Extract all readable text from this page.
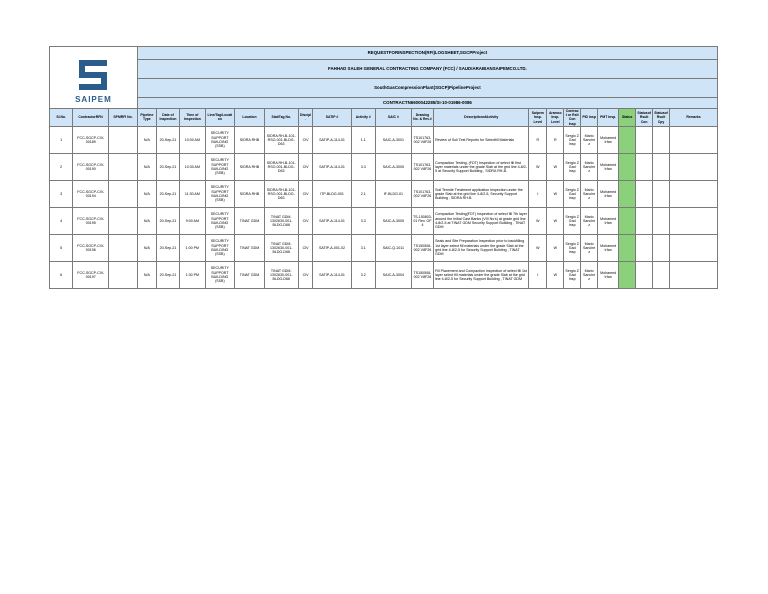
SAIPEM			REQUESTFORINSPECTION(RFI)LOGSHEET,SGCPProject																				
			FAHHAD SALEH GENERAL CONTRACTING COMPANY (FCC) / SAUDIARABIANSAIPEMCO.LTD.																				
			SouthGasCompressionPlant(SGCP)PipelineProject																				
			CONTRACTN6600042285/SI-10-01986-0086																				
Sl.No.	ContractorRFI#	SPMRFI No.	Pipeline Type	Date of Inspection	Time of Inspection	Line/Tag/Location	Location	Stat/Tag No.	Discipl.	SATIP #	Activity #	SAIC #	Drawing No. & Rev.#	DescriptionofActivity	Saipem Insp. Level	Aramco Insp. Level	Contract or Rslt Con Insp	PID Insp	PMT Insp.	Status	Statusof Rsult Con	Statusof Rsult Cpy	Remarks
1	FCC-SGCP-CIV-00189		N/A	20-Sep-21	10:00 AM	SECURITY SUPPORT BUILDING (SSB)	SIDRA RHB	SIDRA RH-B-101-RSO-001-BLDG-D63	CIV	SATIP-A-114-01	1.1	SAIC-A-3001	TS101763-002 V8F26	Review of Soil Test Reports for Selectfill Materials	R	R	Sergio Z Gad Insp	Mario Sanchez	Mohamed Irfan				
2	FCC-SGCP-CIV-00190		N/A	20-Sep-21	10:30 AM	SECURITY SUPPORT BUILDING (SSB)	SIDRA RHB	SIDRA RH-B-101-RSO-001-BLDG-D63	CIV	SATIP-A-114-01	3.3	SAIC-A-3005	TS101763-002 V8F26	Compaction Testing, (FDT) Inspection of select fill first layer materials under the grade Slab at the grid line 4-8/2-5 at Security Support Building , SIDRA RH-B.	W	W	Sergio Z Gad Insp	Mario Sanchez	Mohamed Irfan				
3	FCC-SGCP-CIV-00194		N/A	20-Sep-21	11:30 AM	SECURITY SUPPORT BUILDING (SSB)	SIDRA RHB	SIDRA RH-B-101-RSO-001-BLDG-D63	CIV	ITP-BLDG-001	2.1	IF-BLDG-01	TS101763-002 V8F26	Soil Termite Treatment application Inspection under the grade Slab at the grid line 4-8/2-5, Security Support Building , SIDRA RH-B.	I	W	Sergio Z Gad Insp	Mario Sanchez	Mohamed Irfan				
4	FCC-SGCP-CIV-00195		N/A	20-Sep-21	9:00 AM	SECURITY SUPPORT BUILDING (SSB)	TINAT GDM	TINAT GDM-1302630-001-BLDG-D66	CIV	SATIP-A-114-01	3.3	SAIC-A-3005	TS-150803-01 Rev. OF 4	Compaction Testing(FDT) Inspection of select fill 7th layer around the Initial Cast Banks (VIII No's) at grade grid line 4-8/2-5 at TINAT GDM Security Support Building , TINAT GDM	W	W	Sergio Z Gad Insp	Mario Sanchez	Mohamed Irfan				
5	FCC-SGCP-CIV-00196		N/A	20-Sep-21	1:00 PM	SECURITY SUPPORT BUILDING (SSB)	TINAT GDM	TINAT GDM-1302630-001-BLDG-D66	CIV	SATIP-A-001-02	3.1	SAIC-Q-1011	TS150508-002 V8F26	Seals and Site Preparation Inspection prior to backfilling 1st layer select fill materials under the grade Slab at the grid line 4-8/2-5 for Security Support Building , TINAT GDM	W	W	Sergio Z Gad Insp	Mario Sanchez	Mohamed Irfan				
6	FCC-SGCP-CIV-00197		N/A	20-Sep-21	1:30 PM	SECURITY SUPPORT BUILDING (SSB)	TINAT GDM	TINAT GDM-1302630-001-BLDG-D66	CIV	SATIP-A-114-01	3.2	SAIC-A-3004	TS150508-002 V8F26	Fill Placement and Compaction Inspection of select fill 1st layer select fill materials under the grade Slab at the grid line 4-8/2-5 for Security Support Building , TINAT GDM	I	W	Sergio Z Gad Insp	Mario Sanchez	Mohamed Irfan				
